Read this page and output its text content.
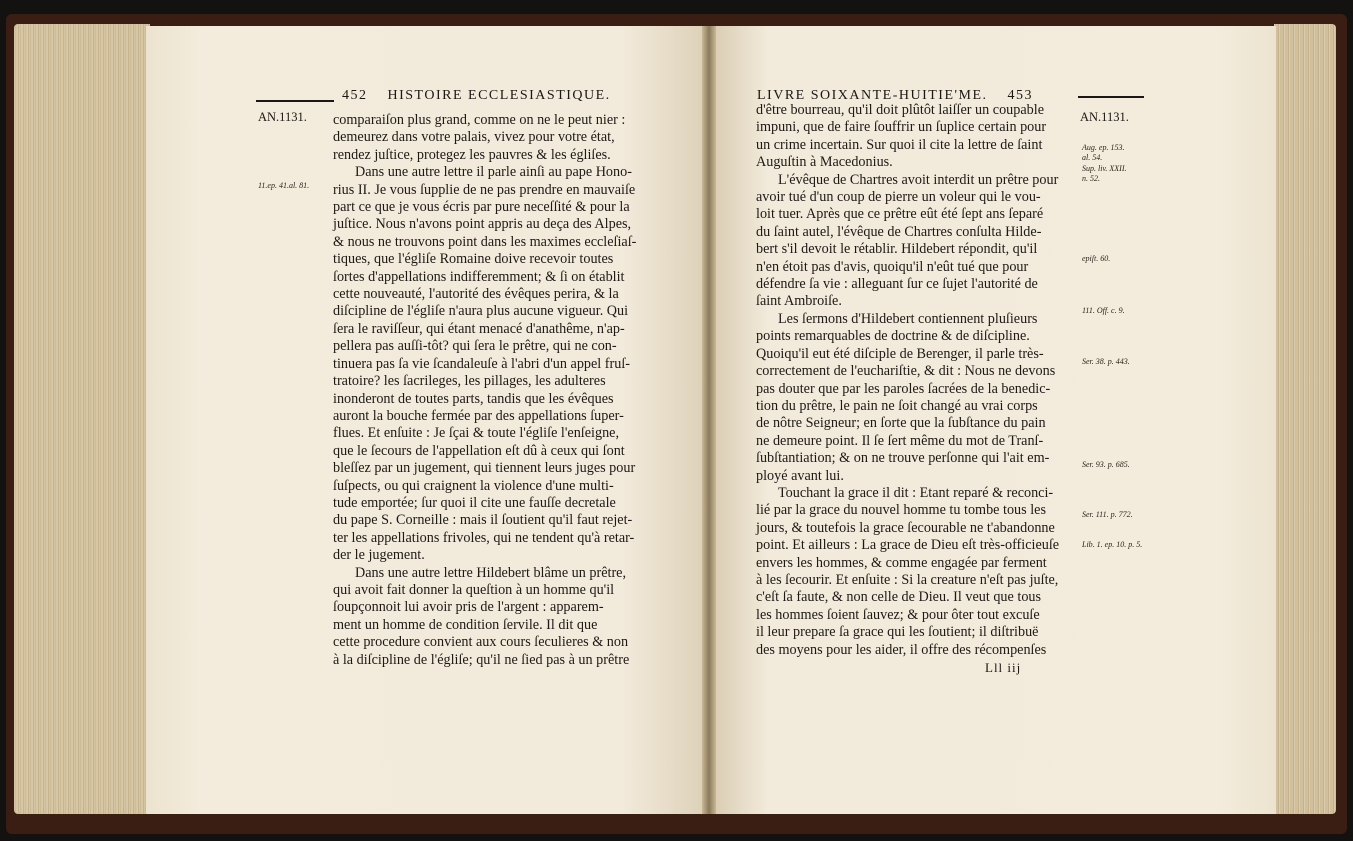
452 HISTOIRE ECCLESIASTIQUE.
AN.1131.
11.ep. 41.al. 81.
comparaiſon plus grand, comme on ne le peut nier :
demeurez dans votre palais, vivez pour votre état,
rendez juſtice, protegez les pauvres & les égliſes.
Dans une autre lettre il parle ainſi au pape Hono-
rius II. Je vous ſupplie de ne pas prendre en mauvaiſe
part ce que je vous écris par pure neceſſité & pour la
juſtice. Nous n'avons point appris au deça des Alpes,
& nous ne trouvons point dans les maximes eccleſiaſ-
tiques, que l'égliſe Romaine doive recevoir toutes
ſortes d'appellations indifferemment; & ſi on établit
cette nouveauté, l'autorité des évêques perira, & la
diſcipline de l'égliſe n'aura plus aucune vigueur. Qui
ſera le raviſſeur, qui étant menacé d'anathême, n'ap-
pellera pas auſſi-tôt? qui ſera le prêtre, qui ne con-
tinuera pas ſa vie ſcandaleuſe à l'abri d'un appel fruſ-
tratoire? les ſacrileges, les pillages, les adulteres
inonderont de toutes parts, tandis que les évêques
auront la bouche fermée par des appellations ſuper-
flues. Et enſuite : Je ſçai & toute l'égliſe l'enſeigne,
que le ſecours de l'appellation eſt dû à ceux qui ſont
bleſſez par un jugement, qui tiennent leurs juges pour
ſuſpects, ou qui craignent la violence d'une multi-
tude emportée; ſur quoi il cite une fauſſe decretale
du pape S. Corneille : mais il ſoutient qu'il faut rejet-
ter les appellations frivoles, qui ne tendent qu'à retar-
der le jugement.
Dans une autre lettre Hildebert blâme un prêtre,
qui avoit fait donner la queſtion à un homme qu'il
ſoupçonnoit lui avoir pris de l'argent : apparem-
ment un homme de condition ſervile. Il dit que
cette procedure convient aux cours ſeculieres & non
à la diſcipline de l'égliſe; qu'il ne ſied pas à un prêtre
LIVRE SOIXANTE-HUITIE'ME. 453
AN.1131.
Aug. ep. 153.
al. 54.
Sup. liv. XXII.
n. 52.
epiſt. 60.
111. Off. c. 9.
Ser. 38. p. 443.
Ser. 93. p. 685.
Ser. 111. p. 772.
Lib. 1. ep. 10. p. 5.
d'être bourreau, qu'il doit plûtôt laiſſer un coupable
impuni, que de faire ſouffrir un ſuplice certain pour
un crime incertain. Sur quoi il cite la lettre de ſaint
Auguſtin à Macedonius.
L'évêque de Chartres avoit interdit un prêtre pour
avoir tué d'un coup de pierre un voleur qui le vou-
loit tuer. Après que ce prêtre eût été ſept ans ſeparé
du ſaint autel, l'évêque de Chartres conſulta Hilde-
bert s'il devoit le rétablir. Hildebert répondit, qu'il
n'en étoit pas d'avis, quoiqu'il n'eût tué que pour
défendre ſa vie : alleguant ſur ce ſujet l'autorité de
ſaint Ambroiſe.
Les ſermons d'Hildebert contiennent pluſieurs
points remarquables de doctrine & de diſcipline.
Quoiqu'il eut été diſciple de Berenger, il parle très-
correctement de l'euchariſtie, & dit : Nous ne devons
pas douter que par les paroles ſacrées de la benedic-
tion du prêtre, le pain ne ſoit changé au vrai corps
de nôtre Seigneur; en ſorte que la ſubſtance du pain
ne demeure point. Il ſe ſert même du mot de Tranſ-
ſubſtantiation; & on ne trouve perſonne qui l'ait em-
ployé avant lui.
Touchant la grace il dit : Etant reparé & reconci-
lié par la grace du nouvel homme tu tombe tous les
jours, & toutefois la grace ſecourable ne t'abandonne
point. Et ailleurs : La grace de Dieu eſt très-officieuſe
envers les hommes, & comme engagée par ferment
à les ſecourir. Et enſuite : Si la creature n'eſt pas juſte,
c'eſt ſa faute, & non celle de Dieu. Il veut que tous
les hommes ſoient ſauvez; & pour ôter tout excuſe
il leur prepare ſa grace qui les ſoutient; il diſtribuë
des moyens pour les aider, il offre des récompenſes
Lll iij
